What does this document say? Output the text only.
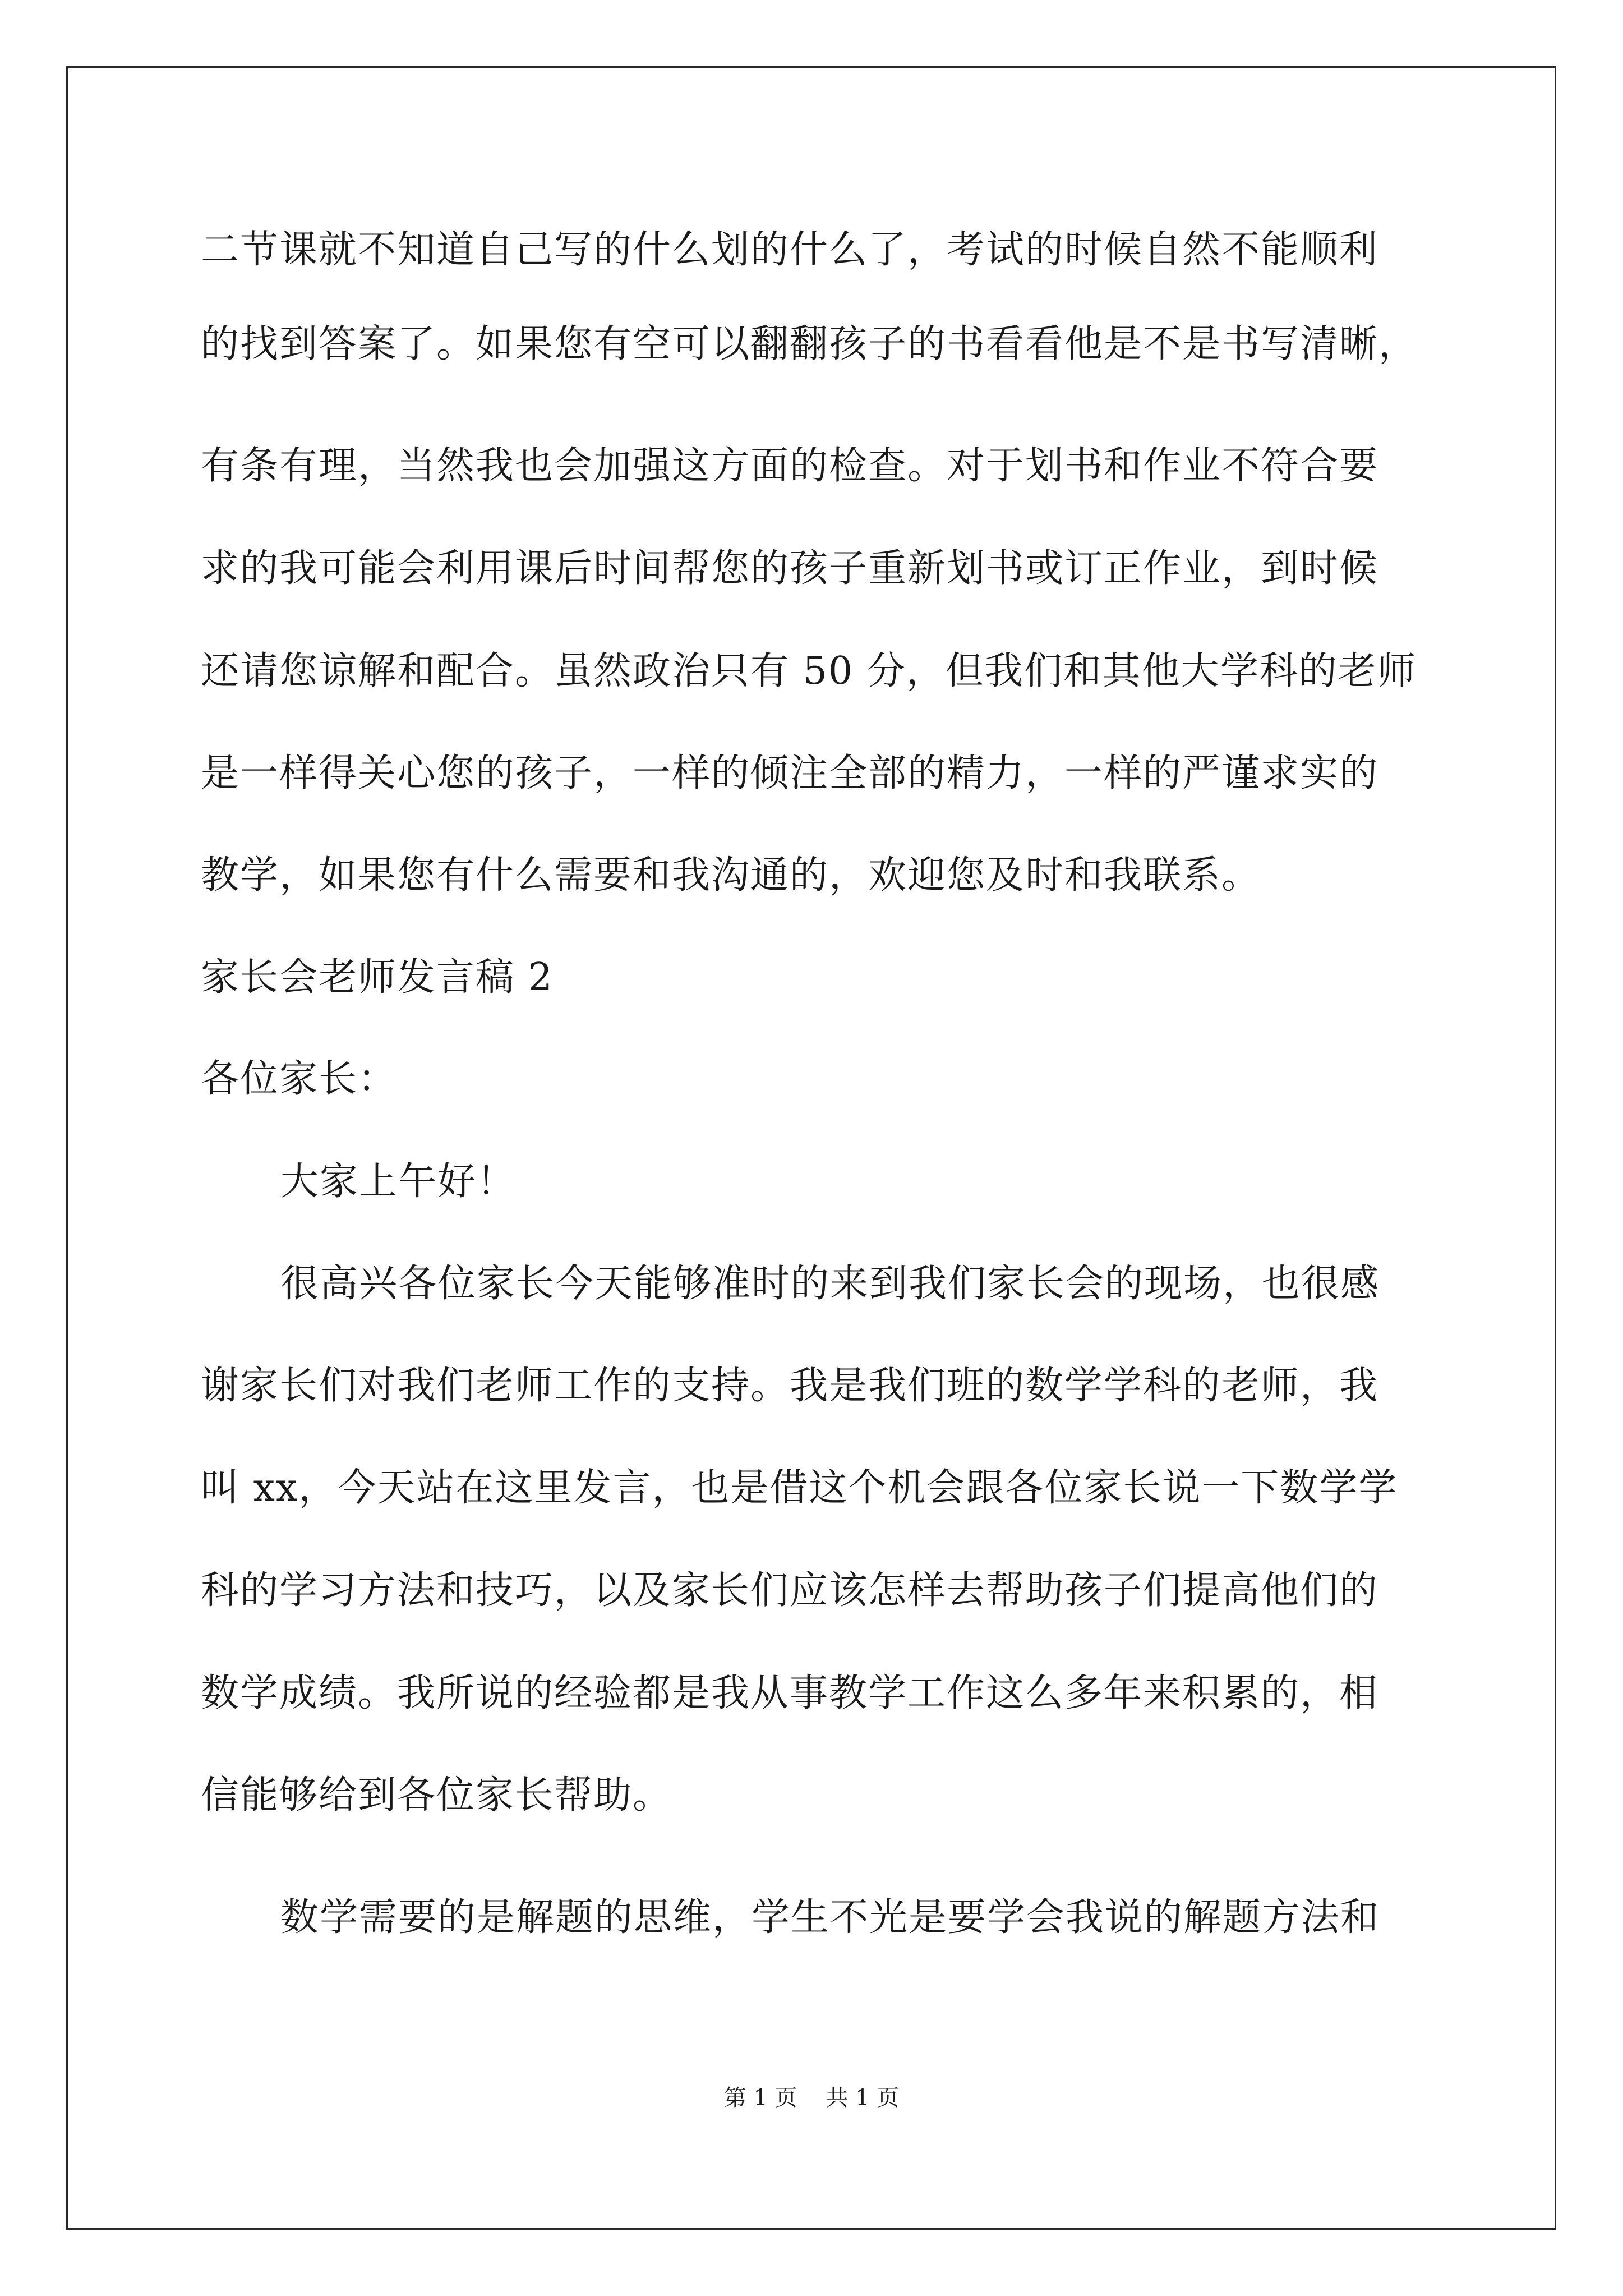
二节课就不知道自己写的什么划的什么了，考试的时候自然不能顺利
的找到答案了。如果您有空可以翻翻孩子的书看看他是不是书写清晰，
有条有理，当然我也会加强这方面的检查。对于划书和作业不符合要
求的我可能会利用课后时间帮您的孩子重新划书或订正作业，到时候
还请您谅解和配合。虽然政治只有 50 分，但我们和其他大学科的老师
是一样得关心您的孩子，一样的倾注全部的精力，一样的严谨求实的
教学，如果您有什么需要和我沟通的，欢迎您及时和我联系。
家长会老师发言稿 2
各位家长：
大家上午好！
很高兴各位家长今天能够准时的来到我们家长会的现场，也很感
谢家长们对我们老师工作的支持。我是我们班的数学学科的老师，我
叫 xx，今天站在这里发言，也是借这个机会跟各位家长说一下数学学
科的学习方法和技巧，以及家长们应该怎样去帮助孩子们提高他们的
数学成绩。我所说的经验都是我从事教学工作这么多年来积累的，相
信能够给到各位家长帮助。
数学需要的是解题的思维，学生不光是要学会我说的解题方法和
第 1 页    共 1 页
